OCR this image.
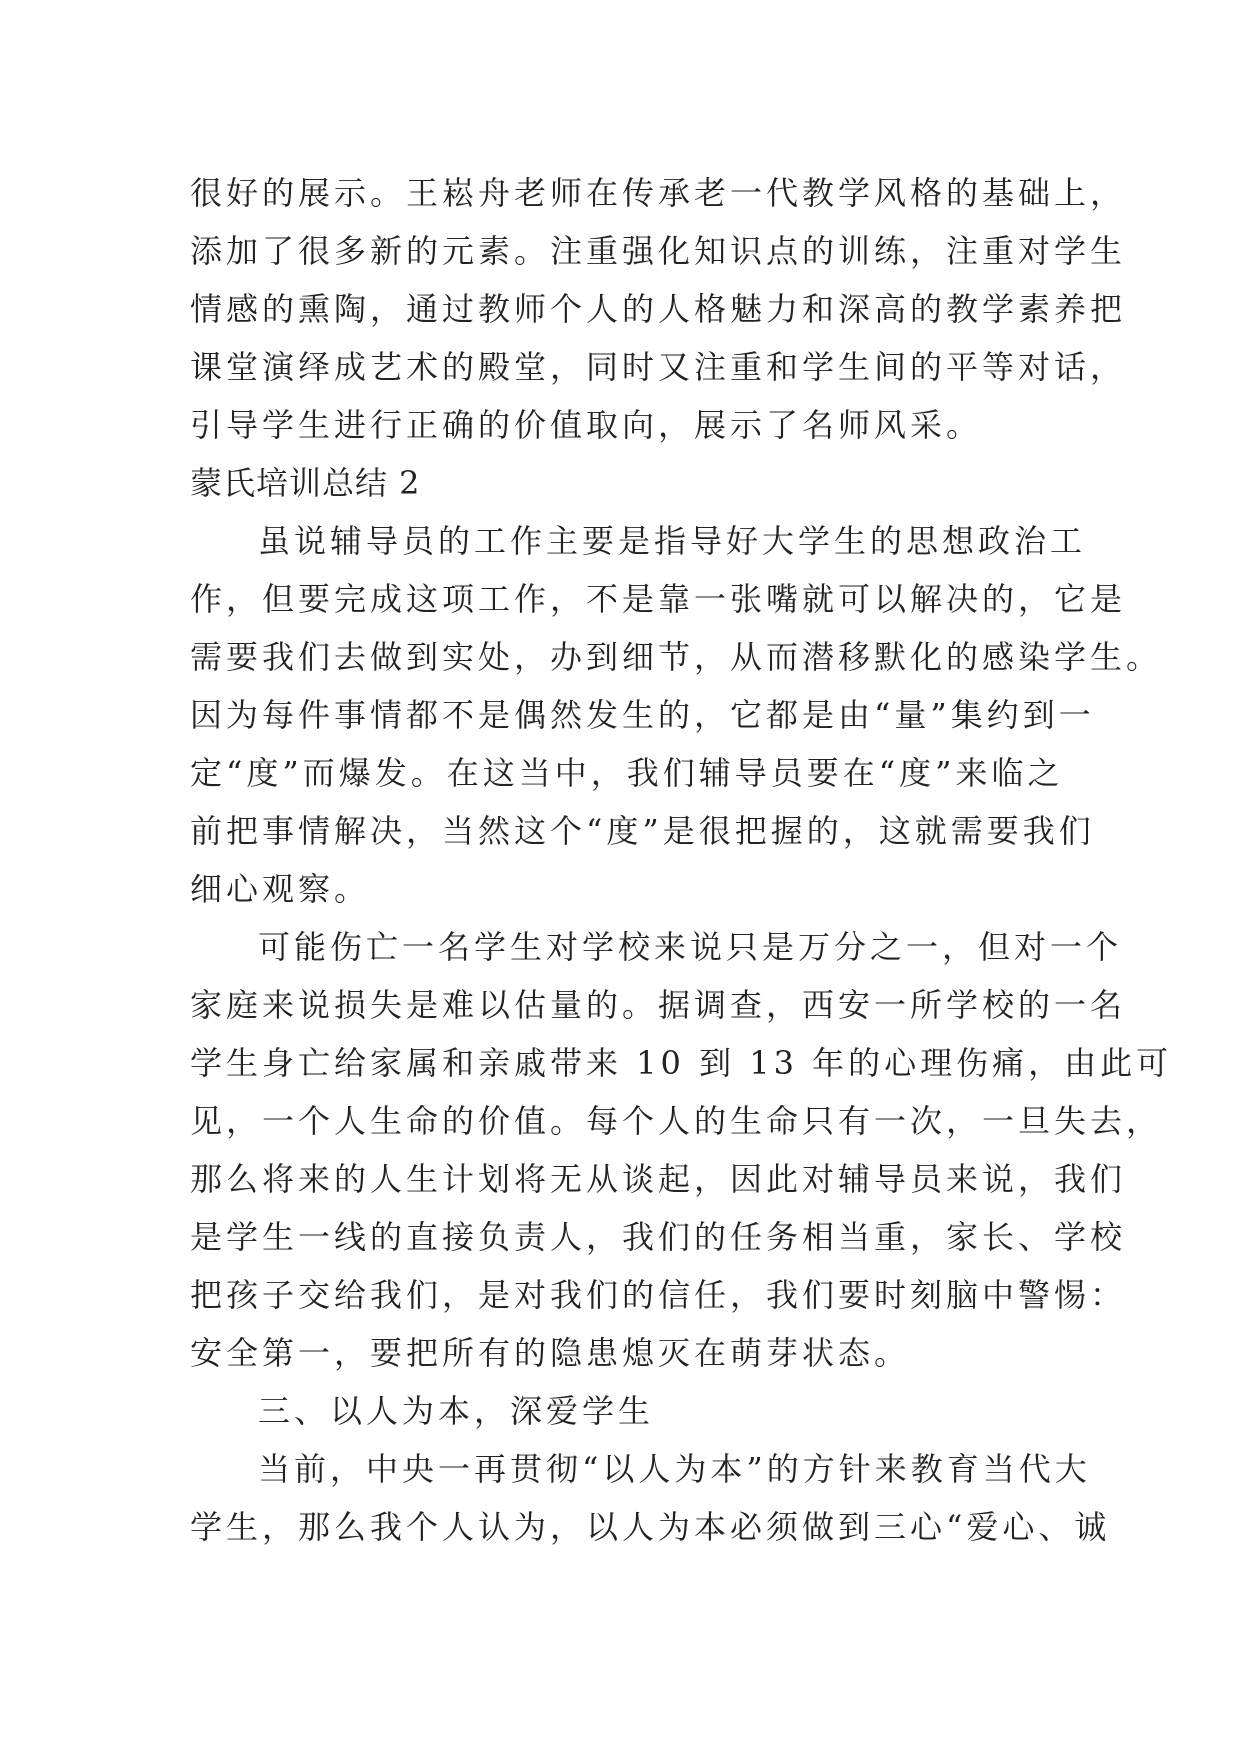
很好的展示。王崧舟老师在传承老一代教学风格的基础上，
添加了很多新的元素。注重强化知识点的训练，注重对学生
情感的熏陶，通过教师个人的人格魅力和深高的教学素养把
课堂演绎成艺术的殿堂，同时又注重和学生间的平等对话，
引导学生进行正确的价值取向，展示了名师风采。
蒙氏培训总结 2
虽说辅导员的工作主要是指导好大学生的思想政治工
作，但要完成这项工作，不是靠一张嘴就可以解决的，它是
需要我们去做到实处，办到细节，从而潜移默化的感染学生。
因为每件事情都不是偶然发生的，它都是由“量”集约到一
定“度”而爆发。在这当中，我们辅导员要在“度”来临之
前把事情解决，当然这个“度”是很把握的，这就需要我们
细心观察。
可能伤亡一名学生对学校来说只是万分之一，但对一个
家庭来说损失是难以估量的。据调查，西安一所学校的一名
学生身亡给家属和亲戚带来 10 到 13 年的心理伤痛，由此可
见，一个人生命的价值。每个人的生命只有一次，一旦失去，
那么将来的人生计划将无从谈起，因此对辅导员来说，我们
是学生一线的直接负责人，我们的任务相当重，家长、学校
把孩子交给我们，是对我们的信任，我们要时刻脑中警惕：
安全第一，要把所有的隐患熄灭在萌芽状态。
三、以人为本，深爱学生
当前，中央一再贯彻“以人为本”的方针来教育当代大
学生，那么我个人认为，以人为本必须做到三心“爱心、诚
